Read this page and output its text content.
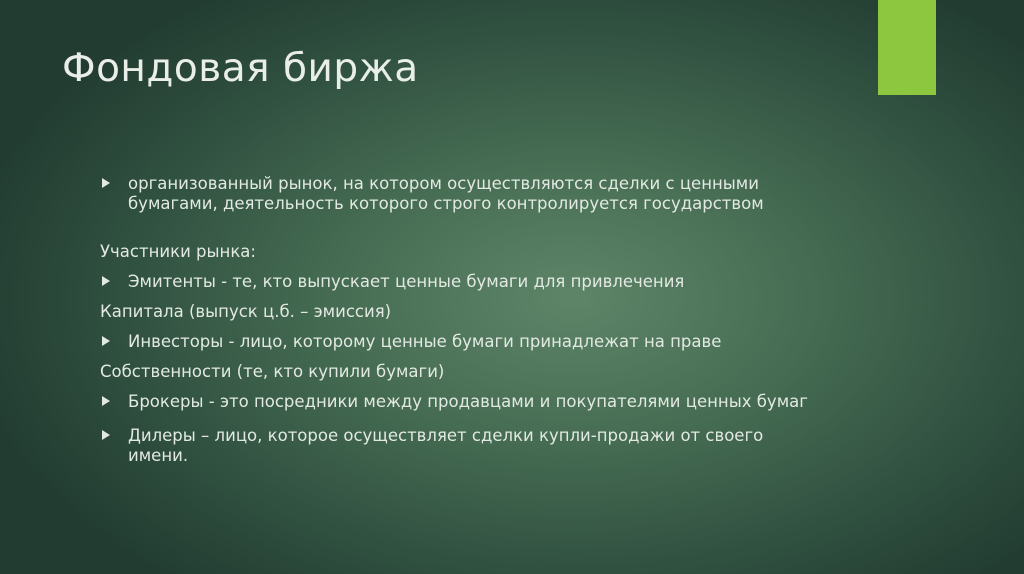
Фондовая биржа
организованный рынок, на котором осуществляются сделки с ценными бумагами, деятельность которого строго контролируется государством
Участники рынка:
Эмитенты - те, кто выпускает ценные бумаги для привлечения
Капитала (выпуск ц.б. – эмиссия)
Инвесторы - лицо, которому ценные бумаги принадлежат на праве
Собственности (те, кто купили бумаги)
Брокеры - это посредники между продавцами и покупателями ценных бумаг
Дилеры – лицо, которое осуществляет сделки купли-продажи от своего имени.
